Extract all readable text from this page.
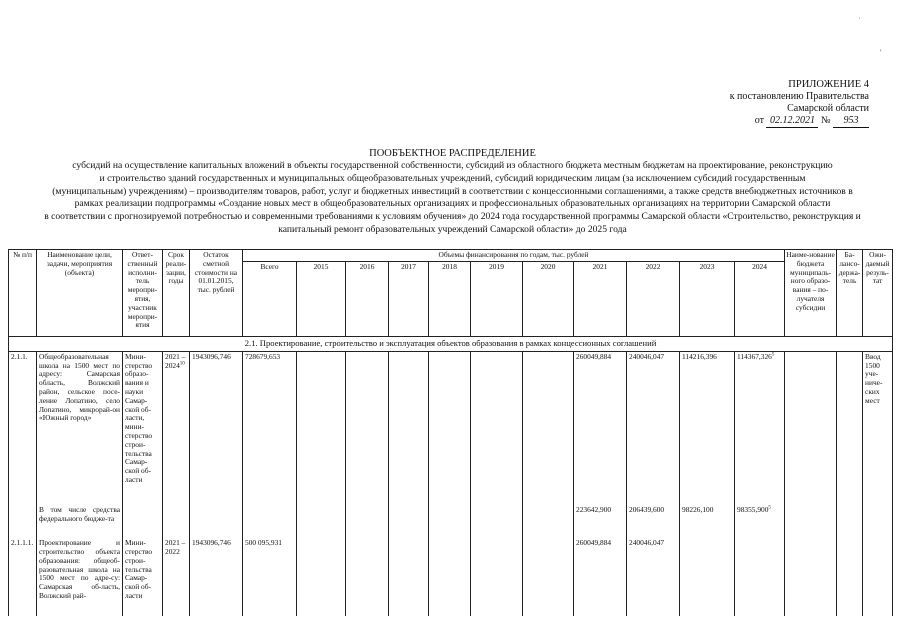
ПРИЛОЖЕНИЕ 4
к постановлению Правительства
Самарской области
от 02.12.2021 № 953
ПООБЪЕКТНОЕ РАСПРЕДЕЛЕНИЕ
субсидий на осуществление капитальных вложений в объекты государственной собственности, субсидий из областного бюджета местным бюджетам на проектирование, реконструкцию
и строительство зданий государственных и муниципальных общеобразовательных учреждений, субсидий юридическим лицам (за исключением субсидий государственным
(муниципальным) учреждениям) – производителям товаров, работ, услуг и бюджетных инвестиций в соответствии с концессионными соглашениями, а также средств внебюджетных источников в
рамках реализации подпрограммы «Создание новых мест в общеобразовательных организациях и профессиональных образовательных организациях на территории Самарской области
в соответствии с прогнозируемой потребностью и современными требованиями к условиям обучения» до 2024 года государственной программы Самарской области «Строительство, реконструкция и
капитальный ремонт образовательных учреждений Самарской области» до 2025 года
˙
'
№ п/п	Наименование цели, задачи, мероприятия (объекта)	Ответ-ственный исполни-тель меропри-ятия, участник меропри-ятия	Срок реали-зации, годы	Остаток сметной стоимости на 01.01.2015, тыс. рублей	Объемы финансирования по годам, тыс. рублей											Наиме-нование бюджета муниципаль-ного образо-вания – по-лучателя субсидии	Ба-лансо-держа-тель	Ожи-даемый резуль-тат
					Всего	2015	2016	2017	2018	2019	2020	2021	2022	2023	2024			
2.1. Проектирование, строительство и эксплуатация объектов образования в рамках концессионных соглашений																		
2.1.1.	Общеобразовательная школа на 1500 мест по адресу: Самарская область, Волжский район, сельское посе-ление Лопатино, село Лопатино, микрорай-он «Южный город»	Мини-стерство образо-вания и науки Самар-ской об-ласти, мини-стерство строи-тельства Самар-ской об-ласти	2021 – 2024$^{10}$	1943096,746	728679,653							260049,884	240046,047	114216,396	114367,326$^5$			Ввод 1500 уче-ниче-ских мест
	В том числе средства федерального бюдже-та											223642,900	206439,600	98226,100	98355,900$^5$			
2.1.1.1.	Проектирование и строительство объекта образования: общеоб-разовательная школа на 1500 мест по адре-су: Самарская об-ласть, Волжский рай-	Мини-стерство строи-тельства Самар-ской об-ласти	2021 – 2022	1943096,746	500 095,931							260049,884	240046,047					
